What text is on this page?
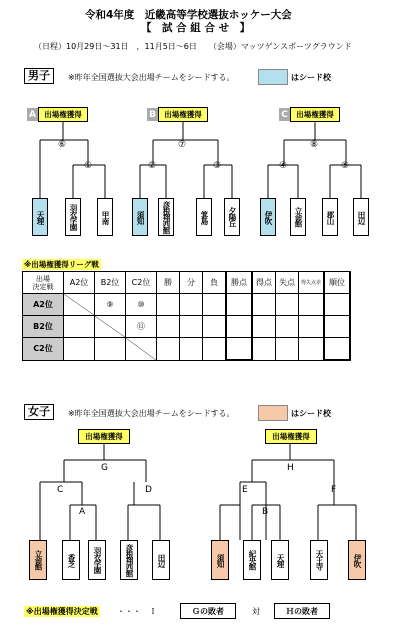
令和4年度　近畿高等学校選抜ホッケー大会
【　試 合 組 合 せ　】
（日程）10月29日～31日　，11月5日～6日　　（会場）マッツゲンスポーツグラウンド
男子	※昨年全国選抜大会出場チームをシードする。	はシード校
A	出場権獲得	B	出場権獲得	C	出場権獲得
⑥
①
⑦
②	③
⑧
④	⑤
天理	羽衣学園	甲南	須知	彦根翔西館	箕島	夕陽丘	伊吹	立命館	郡山	田辺
※出場権獲得リーグ戦
出場
決定戦	A2位	B2位	C2位	勝	分	負	勝点	得点	失点	得失点差	順位
A2位		⑨	⑩								
B2位			⑪								
C2位											
女子	※昨年全国選抜大会出場チームをシードする。	はシード校
出場権獲得	出場権獲得
G	H
C	D
A
E	F
B
立命館	香芝	羽衣学園	彦根翔西館	田辺	須知	紀央館	天理	天王寺	伊吹
※出場権獲得決定戦 ・・・　Ｉ	Ｇの敗者	対	Ｈの敗者
